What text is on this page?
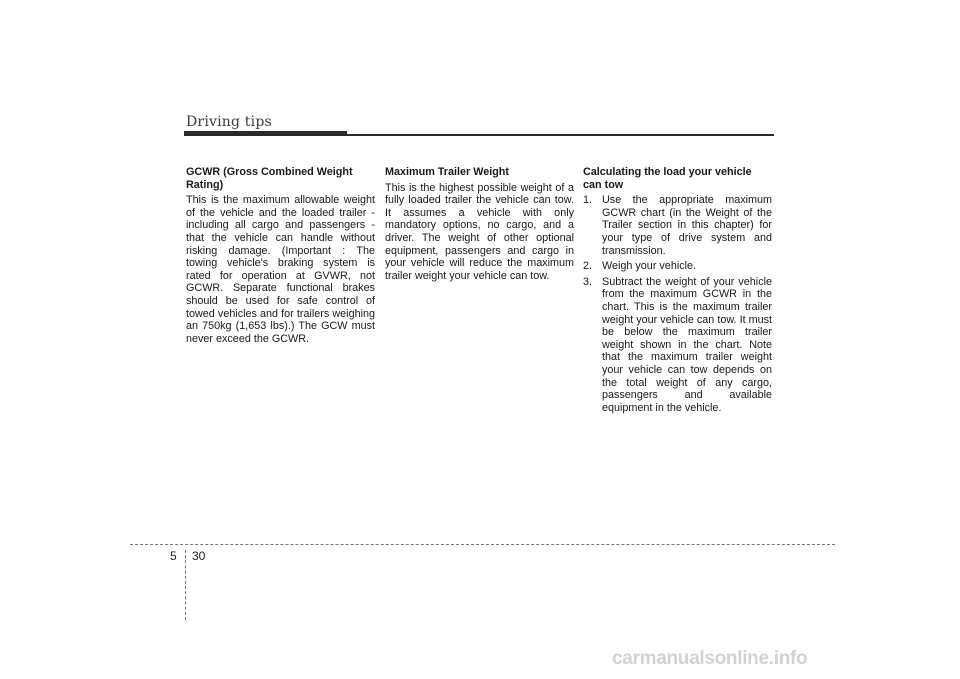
Driving tips
GCWR (Gross Combined Weight Rating)

This is the maximum allowable weight of the vehicle and the loaded trailer - including all cargo and passengers - that the vehicle can handle without risking damage. (Important : The towing vehicle's braking system is rated for operation at GVWR, not GCWR. Separate functional brakes should be used for safe control of towed vehicles and for trailers weighing an 750kg (1,653 lbs).) The GCW must never exceed the GCWR.

Maximum Trailer Weight

This is the highest possible weight of a fully loaded trailer the vehicle can tow. It assumes a vehicle with only mandatory options, no cargo, and a driver. The weight of other optional equipment, passengers and cargo in your vehicle will reduce the maximum trailer weight your vehicle can tow.

Calculating the load your vehicle can tow
1. Use the appropriate maximum GCWR chart (in the Weight of the Trailer section in this chapter) for your type of drive system and transmission.
2. Weigh your vehicle.
3. Subtract the weight of your vehicle from the maximum GCWR in the chart. This is the maximum trailer weight your vehicle can tow. It must be below the maximum trailer weight shown in the chart. Note that the maximum trailer weight your vehicle can tow depends on the total weight of any cargo, passengers and available equipment in the vehicle.
5 30
carmanualsonline.info
